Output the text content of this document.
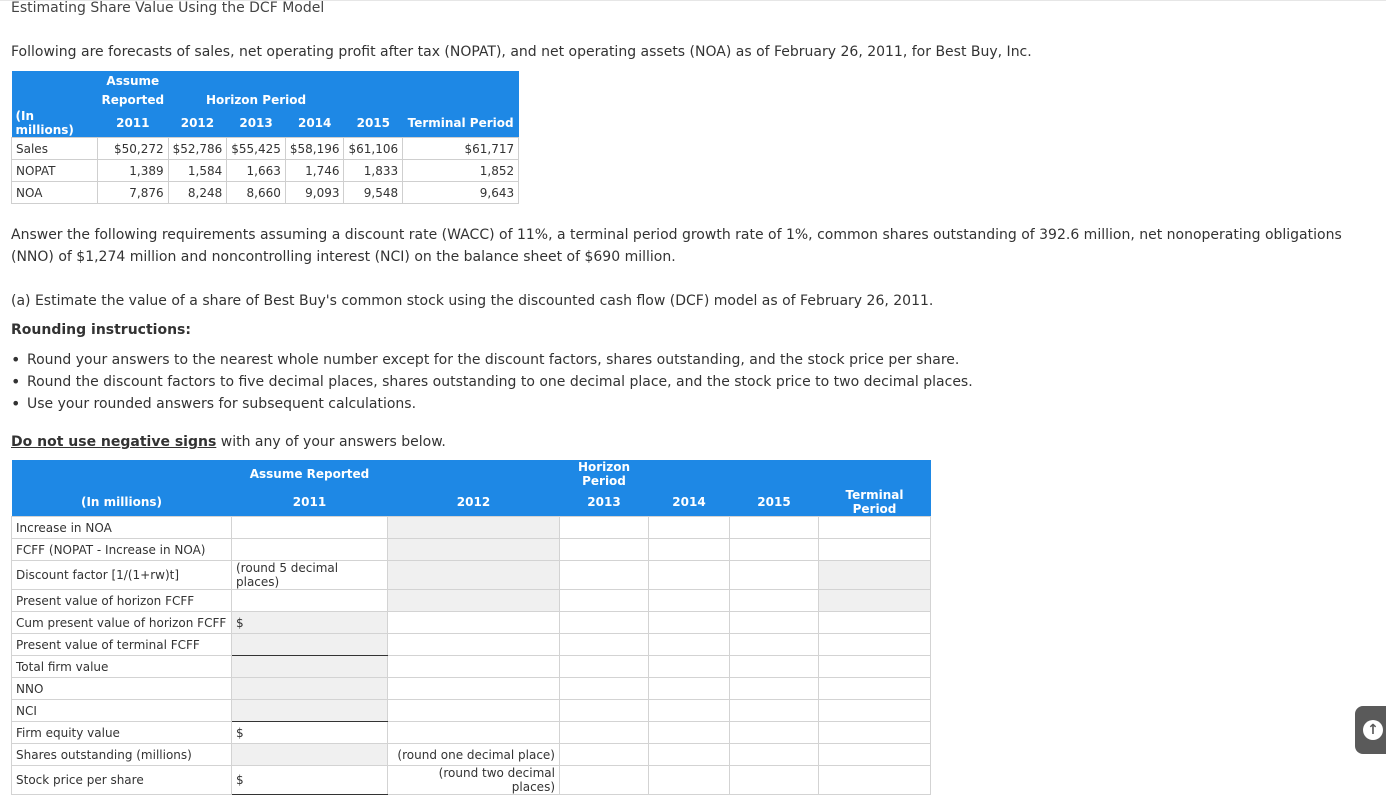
Estimating Share Value Using the DCF Model
Following are forecasts of sales, net operating profit after tax (NOPAT), and net operating assets (NOA) as of February 26, 2011, for Best Buy, Inc.
	Assume					
	Reported	Horizon Period				
(In millions)	2011	2012	2013	2014	2015	Terminal Period
Sales	$50,272	$52,786	$55,425	$58,196	$61,106	$61,717
NOPAT	1,389	1,584	1,663	1,746	1,833	1,852
NOA	7,876	8,248	8,660	9,093	9,548	9,643
Answer the following requirements assuming a discount rate (WACC) of 11%, a terminal period growth rate of 1%, common shares outstanding of 392.6 million, net nonoperating obligations (NNO) of $1,274 million and noncontrolling interest (NCI) on the balance sheet of $690 million.
(a) Estimate the value of a share of Best Buy's common stock using the discounted cash flow (DCF) model as of February 26, 2011.
Rounding instructions:
• Round your answers to the nearest whole number except for the discount factors, shares outstanding, and the stock price per share.
• Round the discount factors to five decimal places, shares outstanding to one decimal place, and the stock price to two decimal places.
• Use your rounded answers for subsequent calculations.
Do not use negative signs with any of your answers below.
	Assume Reported		Horizon Period			
(In millions)	2011	2012	2013	2014	2015	Terminal Period
Increase in NOA						
FCFF (NOPAT - Increase in NOA)						
Discount factor [1/(1+rw)t]	(round 5 decimal places)					
Present value of horizon FCFF						
Cum present value of horizon FCFF	$					
Present value of terminal FCFF						
Total firm value						
NNO						
NCI						
Firm equity value	$					
Shares outstanding (millions)		(round one decimal place)				
Stock price per share	$	(round two decimal places)				
↑
